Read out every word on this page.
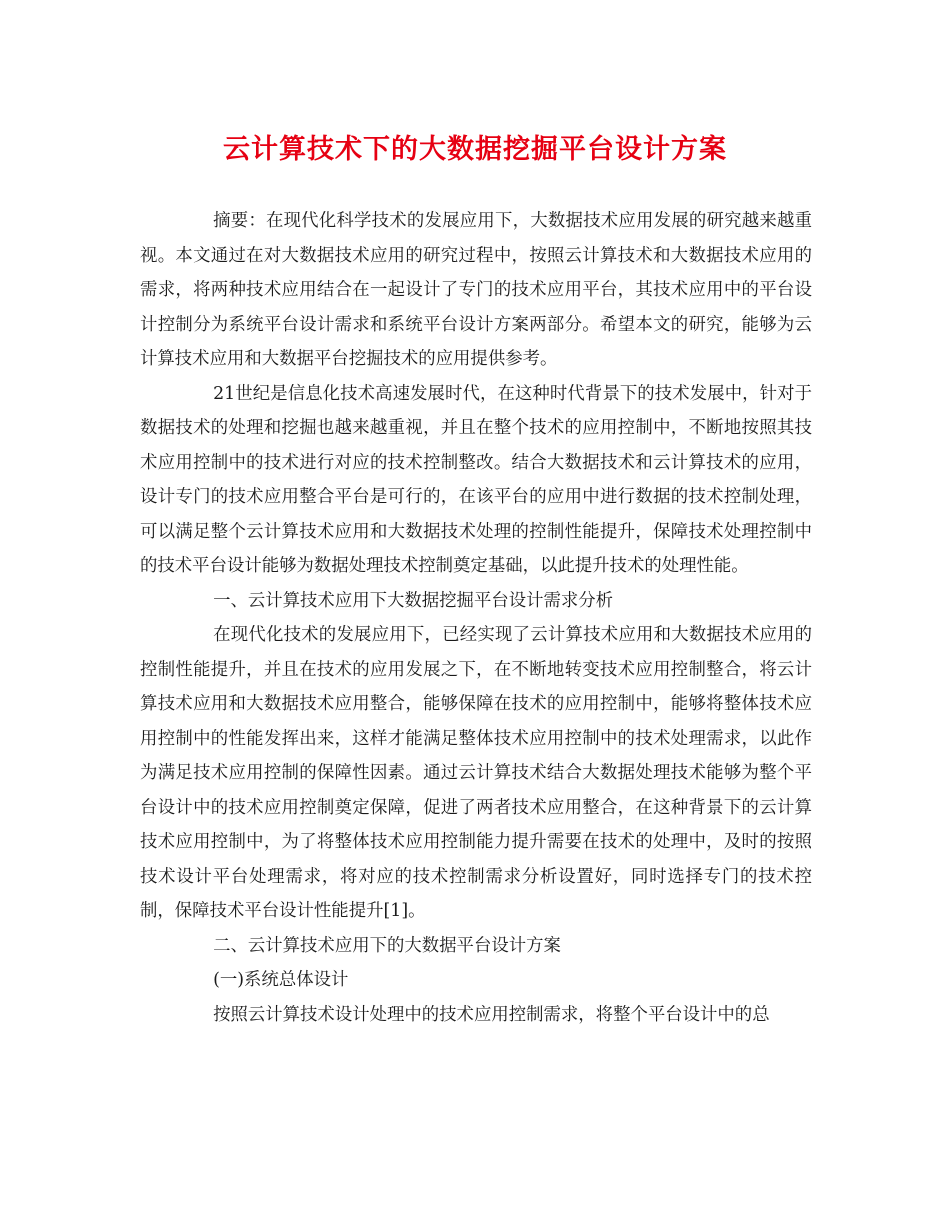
云计算技术下的大数据挖掘平台设计方案

摘要：在现代化科学技术的发展应用下，大数据技术应用发展的研究越来越重视。本文通过在对大数据技术应用的研究过程中，按照云计算技术和大数据技术应用的需求，将两种技术应用结合在一起设计了专门的技术应用平台，其技术应用中的平台设计控制分为系统平台设计需求和系统平台设计方案两部分。希望本文的研究，能够为云计算技术应用和大数据平台挖掘技术的应用提供参考。

21世纪是信息化技术高速发展时代，在这种时代背景下的技术发展中，针对于数据技术的处理和挖掘也越来越重视，并且在整个技术的应用控制中，不断地按照其技术应用控制中的技术进行对应的技术控制整改。结合大数据技术和云计算技术的应用，设计专门的技术应用整合平台是可行的，在该平台的应用中进行数据的技术控制处理，可以满足整个云计算技术应用和大数据技术处理的控制性能提升，保障技术处理控制中的技术平台设计能够为数据处理技术控制奠定基础，以此提升技术的处理性能。

一、云计算技术应用下大数据挖掘平台设计需求分析

在现代化技术的发展应用下，已经实现了云计算技术应用和大数据技术应用的控制性能提升，并且在技术的应用发展之下，在不断地转变技术应用控制整合，将云计算技术应用和大数据技术应用整合，能够保障在技术的应用控制中，能够将整体技术应用控制中的性能发挥出来，这样才能满足整体技术应用控制中的技术处理需求，以此作为满足技术应用控制的保障性因素。通过云计算技术结合大数据处理技术能够为整个平台设计中的技术应用控制奠定保障，促进了两者技术应用整合，在这种背景下的云计算技术应用控制中，为了将整体技术应用控制能力提升需要在技术的处理中，及时的按照技术设计平台处理需求，将对应的技术控制需求分析设置好，同时选择专门的技术控制，保障技术平台设计性能提升[1]。

二、云计算技术应用下的大数据平台设计方案

(一)系统总体设计

按照云计算技术设计处理中的技术应用控制需求，将整个平台设计中的总
